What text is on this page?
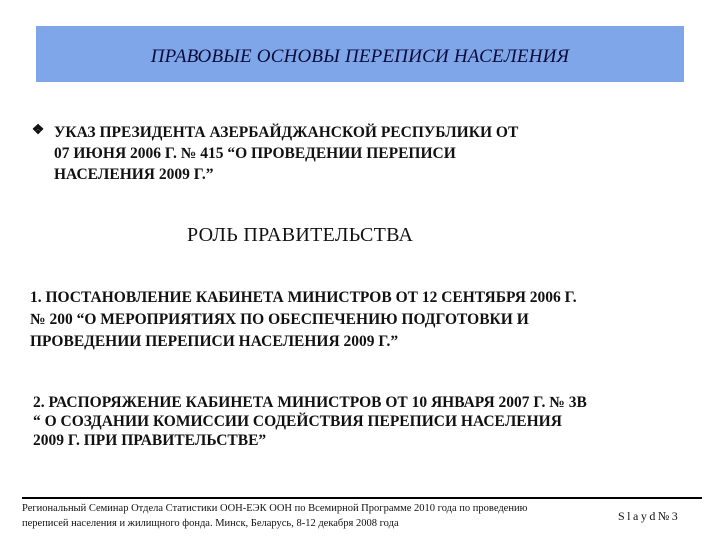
ПРАВОВЫЕ ОСНОВЫ ПЕРЕПИСИ НАСЕЛЕНИЯ
❖ УКАЗ ПРЕЗИДЕНТА АЗЕРБАЙДЖАНСКОЙ РЕСПУБЛИКИ ОТ
07 ИЮНЯ 2006 Г. № 415 “О ПРОВЕДЕНИИ ПЕРЕПИСИ
НАСЕЛЕНИЯ 2009 Г.”
РОЛЬ ПРАВИТЕЛЬСТВА
1. ПОСТАНОВЛЕНИЕ КАБИНЕТА МИНИСТРОВ ОТ 12 СЕНТЯБРЯ 2006 Г.
№ 200 “О МЕРОПРИЯТИЯХ ПО ОБЕСПЕЧЕНИЮ ПОДГОТОВКИ И
ПРОВЕДЕНИИ ПЕРЕПИСИ НАСЕЛЕНИЯ 2009 Г.”
2. РАСПОРЯЖЕНИЕ КАБИНЕТА МИНИСТРОВ ОТ 10 ЯНВАРЯ 2007 Г. № 3В
“ О СОЗДАНИИ КОМИССИИ СОДЕЙСТВИЯ ПЕРЕПИСИ НАСЕЛЕНИЯ
2009 Г. ПРИ ПРАВИТЕЛЬСТВЕ”
Региональный Семинар Отдела Статистики ООН-ЕЭК ООН по Всемирной Программе 2010 года по проведению
переписей населения и жилищного фонда. Минск, Беларусь, 8-12 декабря 2008 года
Slayd№3
